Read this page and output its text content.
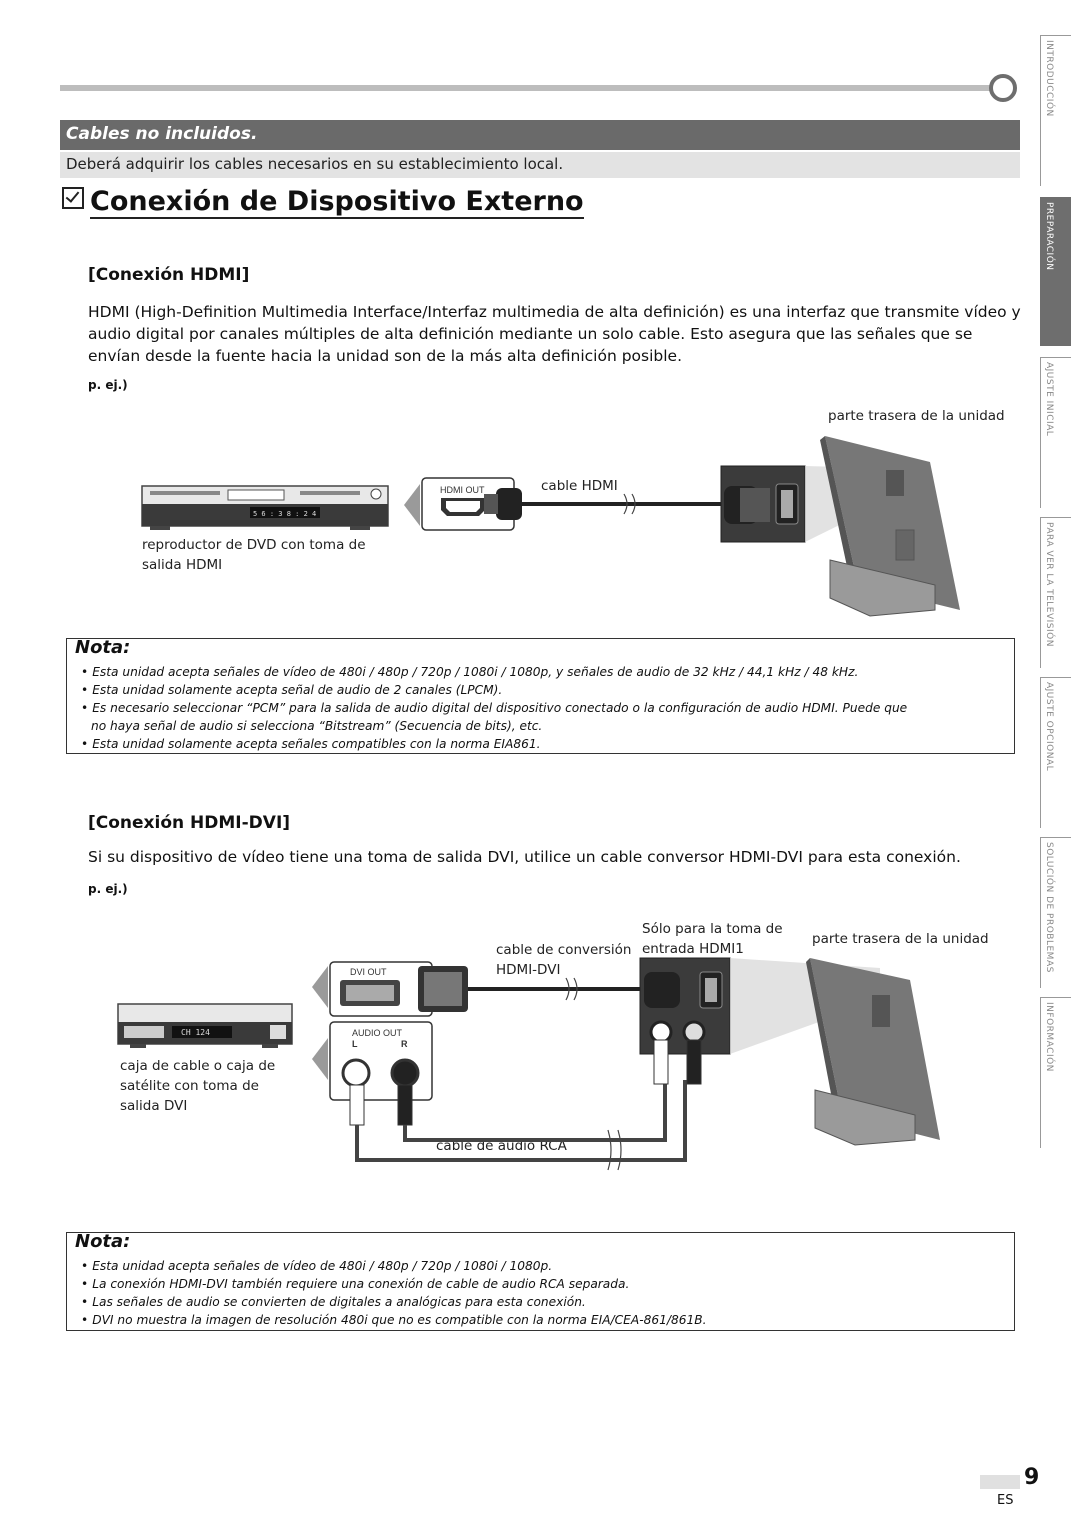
Cables no incluidos.
Deberá adquirir los cables necesarios en su establecimiento local.
Conexión de Dispositivo Externo
[Conexión HDMI]
HDMI (High-Definition Multimedia Interface/Interfaz multimedia de alta definición) es una interfaz que transmite vídeo y audio digital por canales múltiples de alta definición mediante un solo cable. Esto asegura que las señales que se envían desde la fuente hacia la unidad son de la más alta definición posible.
p. ej.)
parte trasera de la unidad
cable HDMI
reproductor de DVD con toma de salida HDMI
5 6 : 3 8 : 2 4
HDMI OUT
Nota:
• Esta unidad acepta señales de vídeo de 480i / 480p / 720p / 1080i / 1080p, y señales de audio de 32 kHz / 44,1 kHz / 48 kHz.
• Esta unidad solamente acepta señal de audio de 2 canales (LPCM).
• Es necesario seleccionar “PCM” para la salida de audio digital del dispositivo conectado o la configuración de audio HDMI. Puede que no haya señal de audio si selecciona “Bitstream” (Secuencia de bits), etc.
• Esta unidad solamente acepta señales compatibles con la norma EIA861.
[Conexión HDMI-DVI]
Si su dispositivo de vídeo tiene una toma de salida DVI, utilice un cable conversor HDMI-DVI para esta conexión.
p. ej.)
Sólo para la toma de entrada HDMI1
parte trasera de la unidad
cable de conversión
HDMI-DVI
cable de audio RCA
caja de cable o caja de satélite con toma de salida DVI
CH 124
DVI OUT
AUDIO OUT
L	R
Nota:
• Esta unidad acepta señales de vídeo de 480i / 480p / 720p / 1080i / 1080p.
• La conexión HDMI-DVI también requiere una conexión de cable de audio RCA separada.
• Las señales de audio se convierten de digitales a analógicas para esta conexión.
• DVI no muestra la imagen de resolución 480i que no es compatible con la norma EIA/CEA-861/861B.
INTRODUCCIÓN
PREPARACIÓN
AJUSTE INICIAL
PARA VER LA TELEVISIÓN
AJUSTE OPCIONAL
SOLUCIÓN DE PROBLEMAS
INFORMACIÓN
9
ES
